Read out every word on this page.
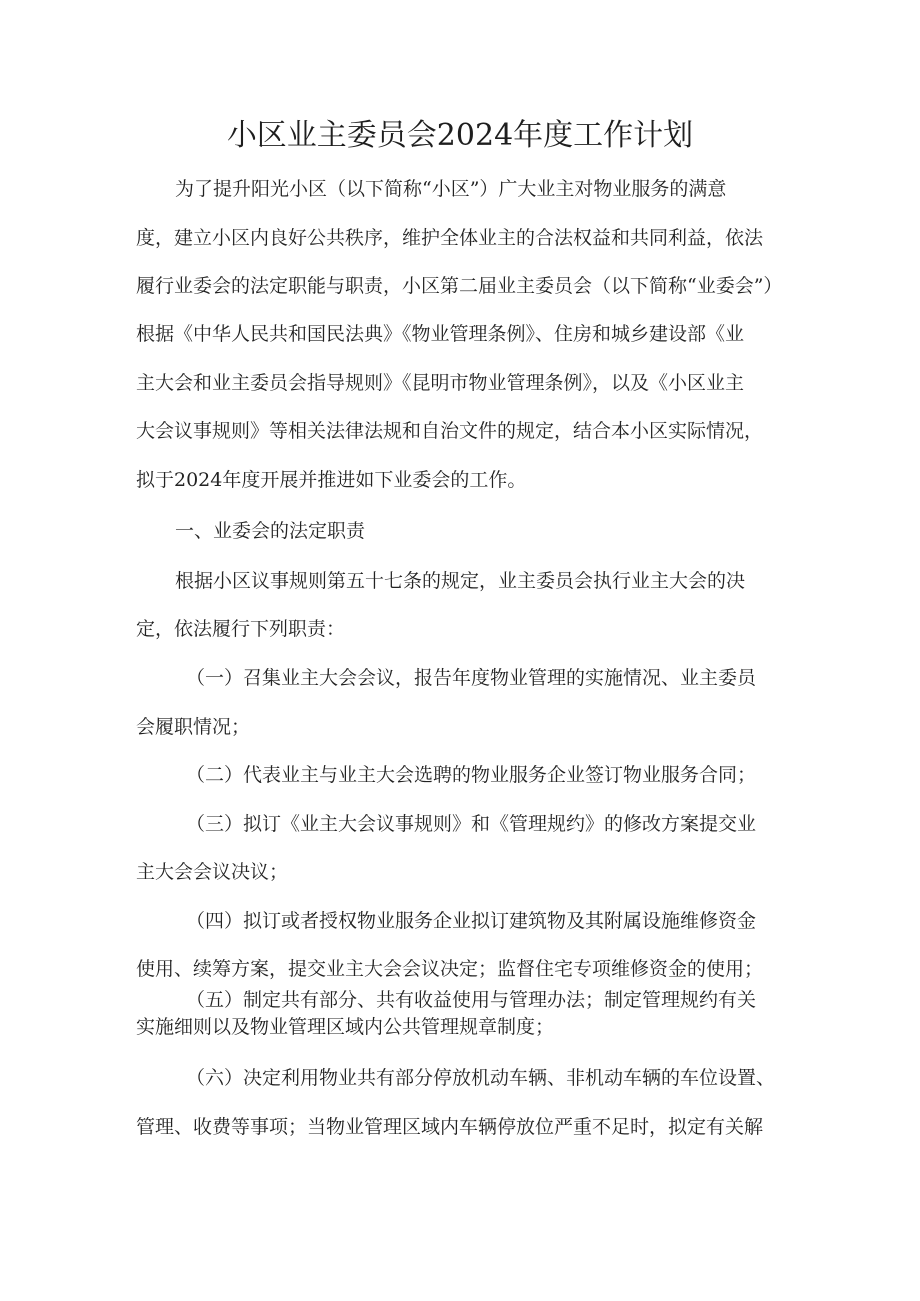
小区业主委员会2024年度工作计划
为了提升阳光小区（以下简称“小区”）广大业主对物业服务的满意
度，建立小区内良好公共秩序，维护全体业主的合法权益和共同利益，依法
履行业委会的法定职能与职责，小区第二届业主委员会（以下简称“业委会”）
根据《中华人民共和国民法典》《物业管理条例》、住房和城乡建设部《业
主大会和业主委员会指导规则》《昆明市物业管理条例》，以及《小区业主
大会议事规则》等相关法律法规和自治文件的规定，结合本小区实际情况，
拟于2024年度开展并推进如下业委会的工作。
一、业委会的法定职责
根据小区议事规则第五十七条的规定，业主委员会执行业主大会的决
定，依法履行下列职责：
（一）召集业主大会会议，报告年度物业管理的实施情况、业主委员
会履职情况；
（二）代表业主与业主大会选聘的物业服务企业签订物业服务合同；
（三）拟订《业主大会议事规则》和《管理规约》的修改方案提交业
主大会会议决议；
（四）拟订或者授权物业服务企业拟订建筑物及其附属设施维修资金
使用、续筹方案，提交业主大会会议决定；监督住宅专项维修资金的使用；
（五）制定共有部分、共有收益使用与管理办法；制定管理规约有关
实施细则以及物业管理区域内公共管理规章制度；
（六）决定利用物业共有部分停放机动车辆、非机动车辆的车位设置、
管理、收费等事项；当物业管理区域内车辆停放位严重不足时，拟定有关解
